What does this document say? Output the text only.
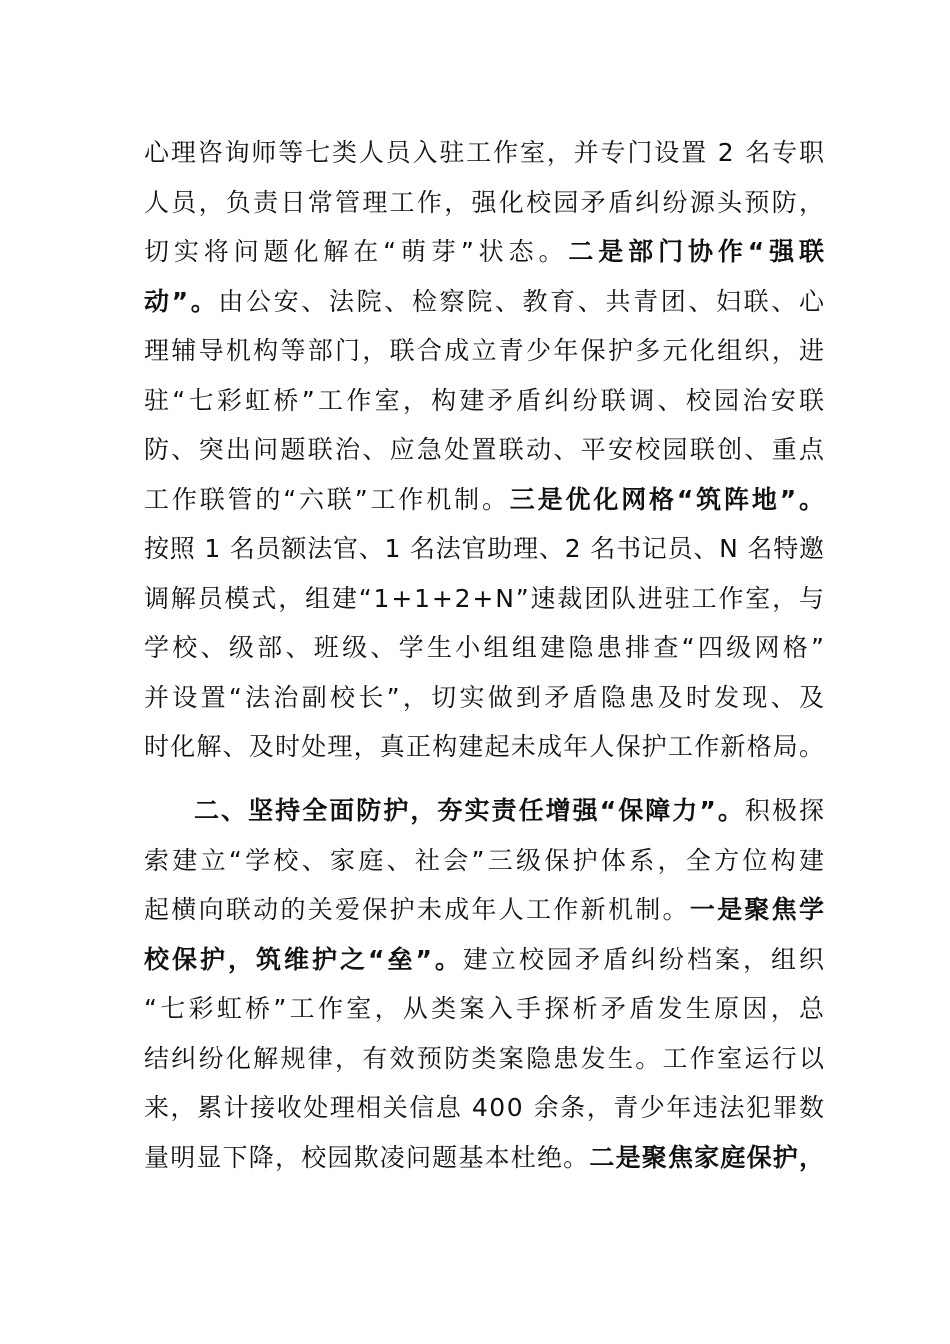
心理咨询师等七类人员入驻工作室，并专门设置 2 名专职
人员，负责日常管理工作，强化校园矛盾纠纷源头预防，
切实将问题化解在“萌芽”状态。二是部门协作“强联
动”。由公安、法院、检察院、教育、共青团、妇联、心
理辅导机构等部门，联合成立青少年保护多元化组织，进
驻“七彩虹桥”工作室，构建矛盾纠纷联调、校园治安联
防、突出问题联治、应急处置联动、平安校园联创、重点
工作联管的“六联”工作机制。三是优化网格“筑阵地”。
按照 1 名员额法官、1 名法官助理、2 名书记员、N 名特邀
调解员模式，组建“1+1+2+N”速裁团队进驻工作室，与
学校、级部、班级、学生小组组建隐患排查“四级网格”
并设置“法治副校长”，切实做到矛盾隐患及时发现、及
时化解、及时处理，真正构建起未成年人保护工作新格局。
二、坚持全面防护，夯实责任增强“保障力”。积极探
索建立“学校、家庭、社会”三级保护体系，全方位构建
起横向联动的关爱保护未成年人工作新机制。一是聚焦学
校保护，筑维护之“垒”。建立校园矛盾纠纷档案，组织
“七彩虹桥”工作室，从类案入手探析矛盾发生原因，总
结纠纷化解规律，有效预防类案隐患发生。工作室运行以
来，累计接收处理相关信息 400 余条，青少年违法犯罪数
量明显下降，校园欺凌问题基本杜绝。二是聚焦家庭保护，
